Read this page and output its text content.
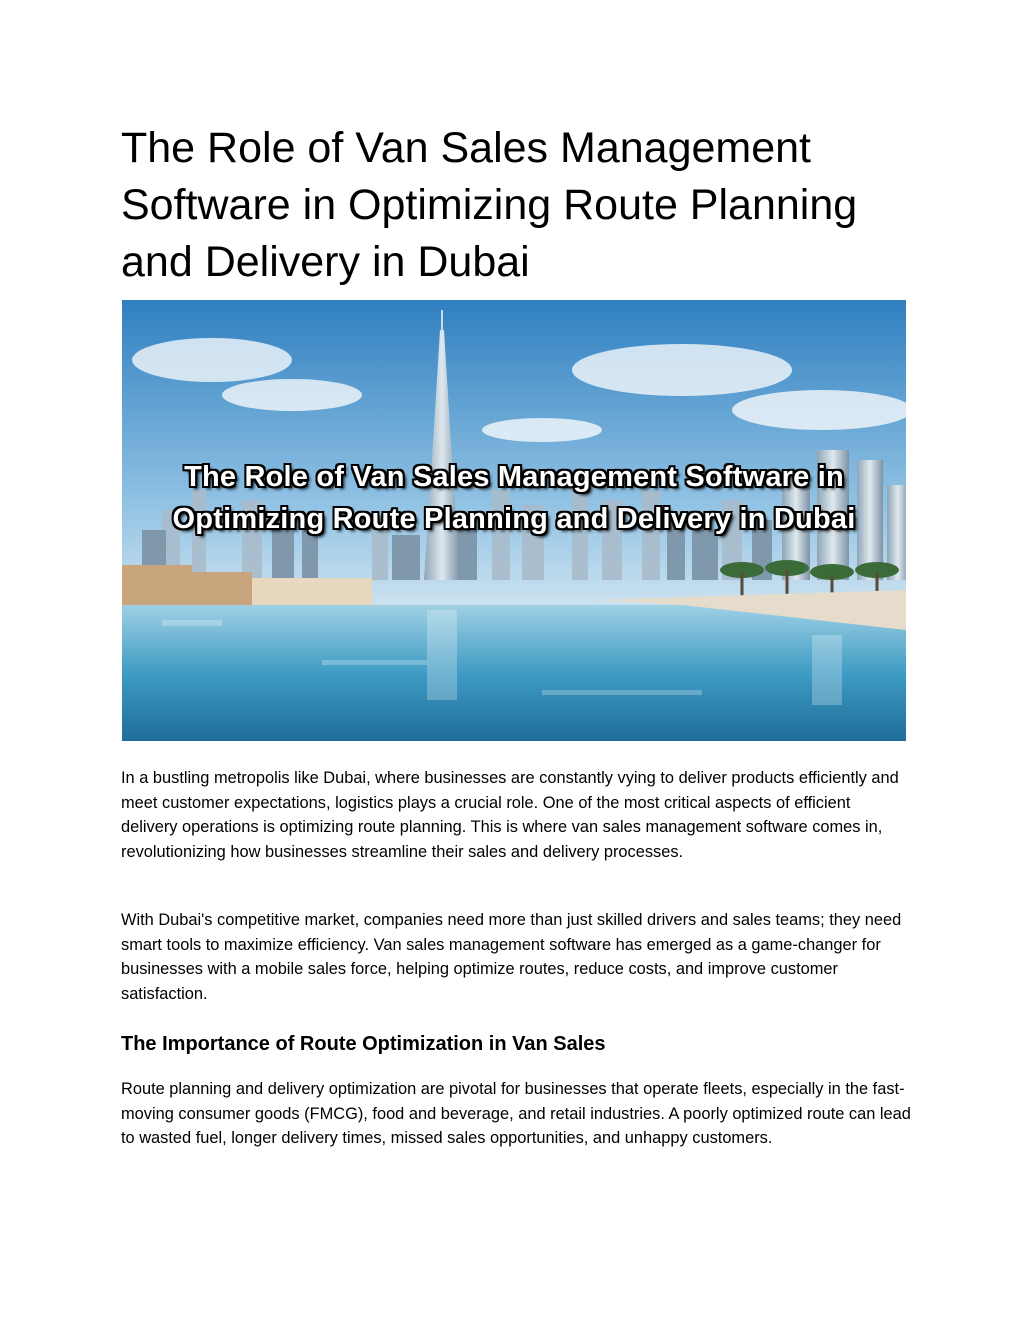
The Role of Van Sales Management Software in Optimizing Route Planning and Delivery in Dubai
The Role of Van Sales Management Software in
Optimizing Route Planning and Delivery in Dubai

In a bustling metropolis like Dubai, where businesses are constantly vying to deliver products efficiently and meet customer expectations, logistics plays a crucial role. One of the most critical aspects of efficient delivery operations is optimizing route planning. This is where van sales management software comes in, revolutionizing how businesses streamline their sales and delivery processes.

With Dubai's competitive market, companies need more than just skilled drivers and sales teams; they need smart tools to maximize efficiency. Van sales management software has emerged as a game-changer for businesses with a mobile sales force, helping optimize routes, reduce costs, and improve customer satisfaction.

The Importance of Route Optimization in Van Sales

Route planning and delivery optimization are pivotal for businesses that operate fleets, especially in the fast-moving consumer goods (FMCG), food and beverage, and retail industries. A poorly optimized route can lead to wasted fuel, longer delivery times, missed sales opportunities, and unhappy customers.
